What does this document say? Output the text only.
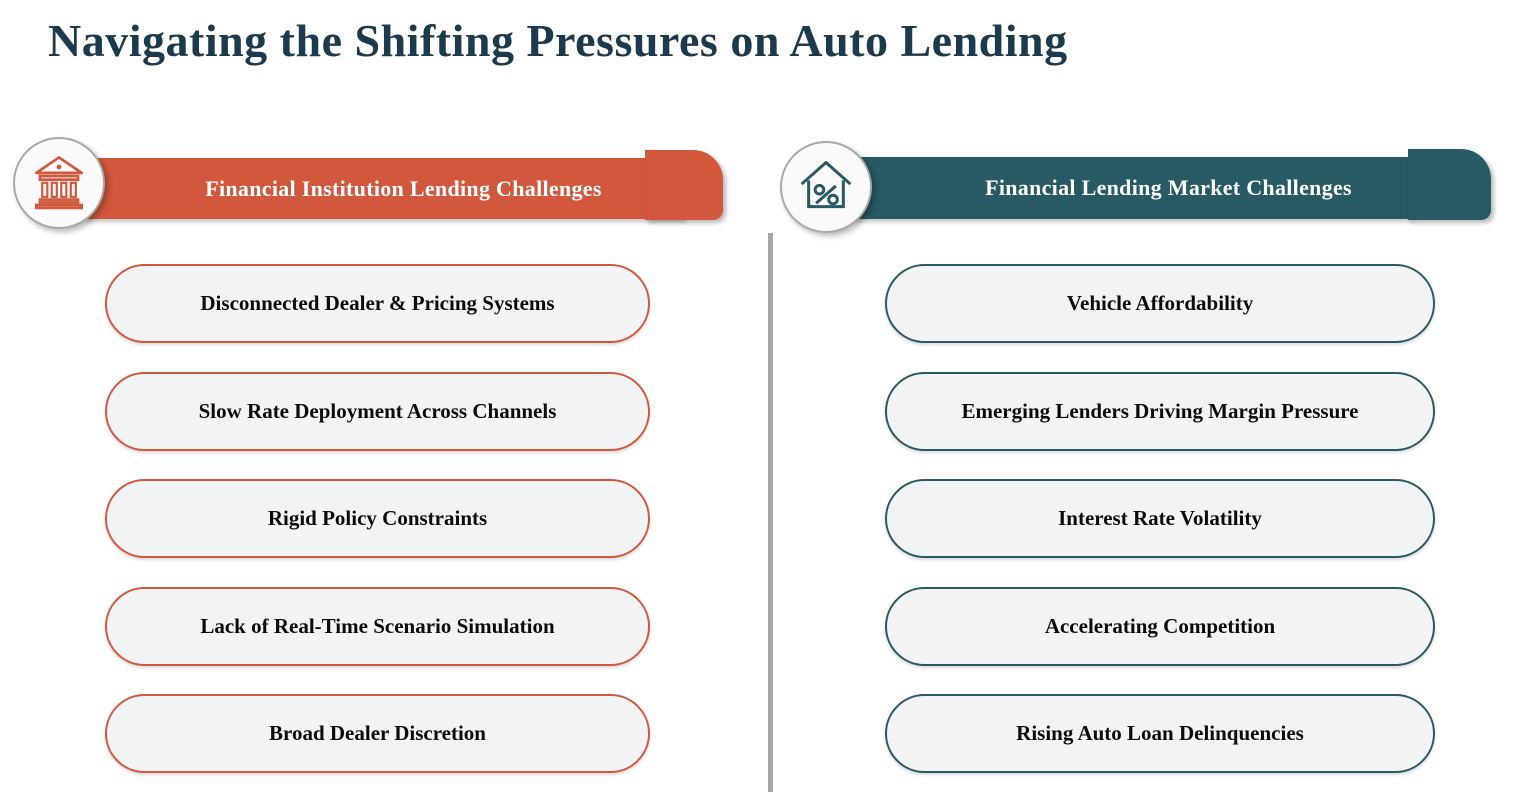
Navigating the Shifting Pressures on Auto Lending
Financial Institution Lending Challenges	Financial Lending Market Challenges
Disconnected Dealer & Pricing Systems
Slow Rate Deployment Across Channels
Rigid Policy Constraints
Lack of Real-Time Scenario Simulation
Broad Dealer Discretion
Vehicle Affordability
Emerging Lenders Driving Margin Pressure
Interest Rate Volatility
Accelerating Competition
Rising Auto Loan Delinquencies
